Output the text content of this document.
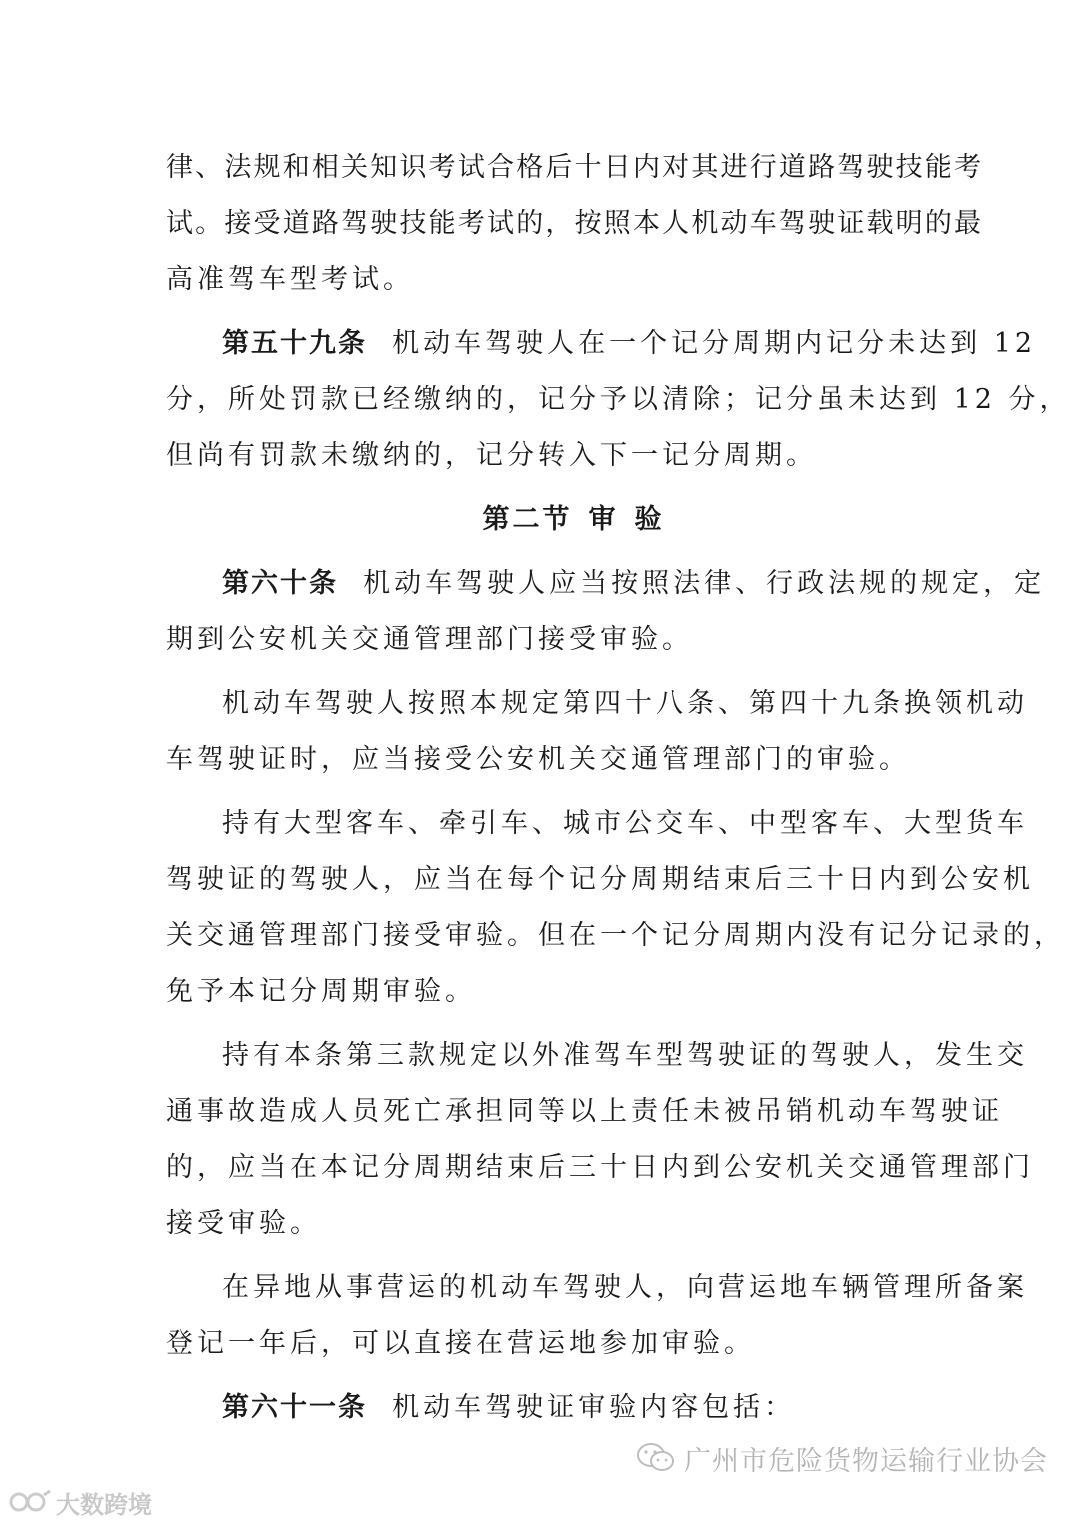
律、法规和相关知识考试合格后十日内对其进行道路驾驶技能考
试。接受道路驾驶技能考试的，按照本人机动车驾驶证载明的最
高准驾车型考试。
第五十九条 机动车驾驶人在一个记分周期内记分未达到 12
分，所处罚款已经缴纳的，记分予以清除；记分虽未达到 12 分，
但尚有罚款未缴纳的，记分转入下一记分周期。
第二节 审 验
第六十条 机动车驾驶人应当按照法律、行政法规的规定，定
期到公安机关交通管理部门接受审验。
机动车驾驶人按照本规定第四十八条、第四十九条换领机动
车驾驶证时，应当接受公安机关交通管理部门的审验。
持有大型客车、牵引车、城市公交车、中型客车、大型货车
驾驶证的驾驶人，应当在每个记分周期结束后三十日内到公安机
关交通管理部门接受审验。但在一个记分周期内没有记分记录的，
免予本记分周期审验。
持有本条第三款规定以外准驾车型驾驶证的驾驶人，发生交
通事故造成人员死亡承担同等以上责任未被吊销机动车驾驶证
的，应当在本记分周期结束后三十日内到公安机关交通管理部门
接受审验。
在异地从事营运的机动车驾驶人，向营运地车辆管理所备案
登记一年后，可以直接在营运地参加审验。
第六十一条 机动车驾驶证审验内容包括：
广州市危险货物运输行业协会
大数跨境
